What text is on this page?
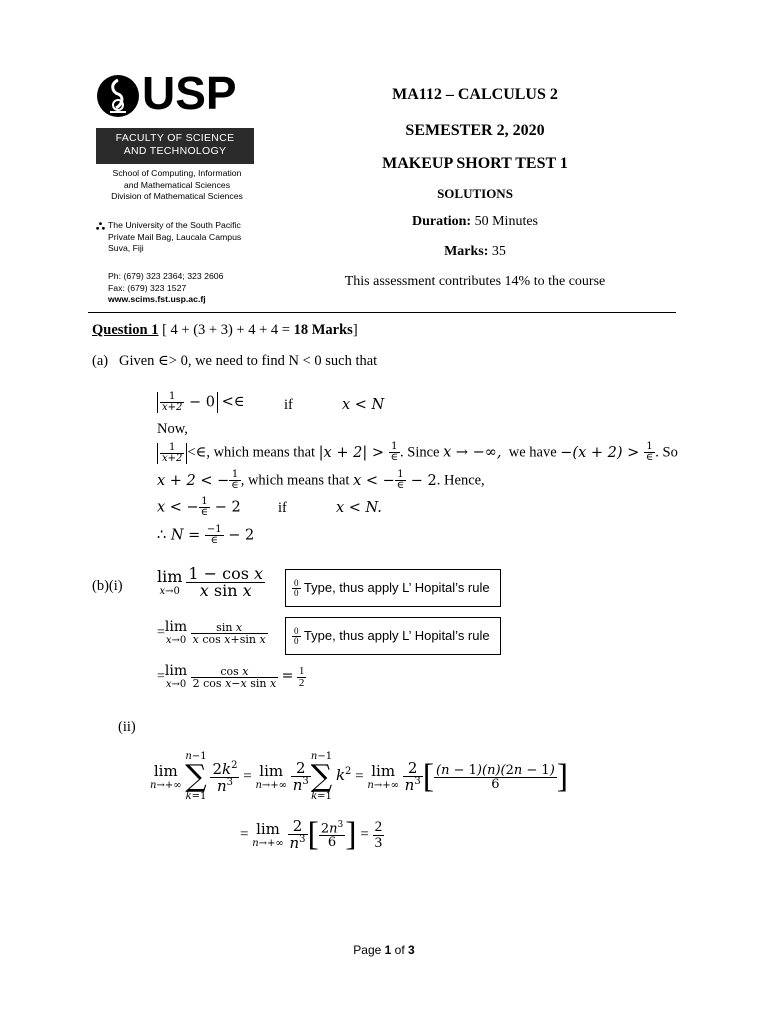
USP
FACULTY OF SCIENCE
AND TECHNOLOGY
School of Computing, Information
and Mathematical Sciences
Division of Mathematical Sciences
The University of the South Pacific
Private Mail Bag, Laucala Campus
Suva, Fiji
Ph: (679) 323 2364; 323 2606
Fax: (679) 323 1527
www.scims.fst.usp.ac.fj
MA112 – CALCULUS 2
SEMESTER 2, 2020
MAKEUP SHORT TEST 1
SOLUTIONS
Duration: 50 Minutes
Marks: 35
This assessment contributes 14% to the course
Question 1 [ 4 + (3 + 3) + 4 + 4 = 18 Marks]
(a) Given ∈> 0, we need to find N < 0 such that
$\frac{1}{x+2} - 0$ <∈	if	x < N
Now,
$\frac{1}{x+2}$ <∈, which means that $|x + 2| > \frac{1}{\in}$ . Since x → −∞, we have $-(x + 2) > \frac{1}{\in}$ . So
x + 2 < − $\frac{1}{\in}$ , which means that x < − $\frac{1}{\in} - 2$. Hence,
x < − $\frac{1}{\in} - 2$	if	x < N.
∴ $N = \frac{-1}{\in} - 2$
(b)(i)
lim
x→0
$\frac{\text{1 − cos x}}{\text{x sin x}}$	$\frac{0}{0}$ Type, thus apply L’ Hopital’s rule
= lim
x→0
$\frac{\text{sin x}}{\text{x cos x+sin x}}$	$\frac{0}{0}$ Type, thus apply L’ Hopital’s rule
= lim
x→0
$\frac{\text{cos x}}{\text{2 cos x−x sin x}} = \frac{1}{2}$
(ii)
lim
n→+∞

n−1
∑
k=1

$\frac{2k^2}{n^3} = \lim$
n→+∞
$\frac{2}{n^3}$
n−1
∑
k=1
$k^2 = \lim$
n→+∞
$\frac{2}{n^3}$ [ $\frac{(n - 1)(n)(2n - 1)}{6}$ ]
= lim
n→+∞
$\frac{2}{n^3}$ [ $\frac{2n^3}{6}$ ] = $\frac{2}{3}$
Page 1 of 3
